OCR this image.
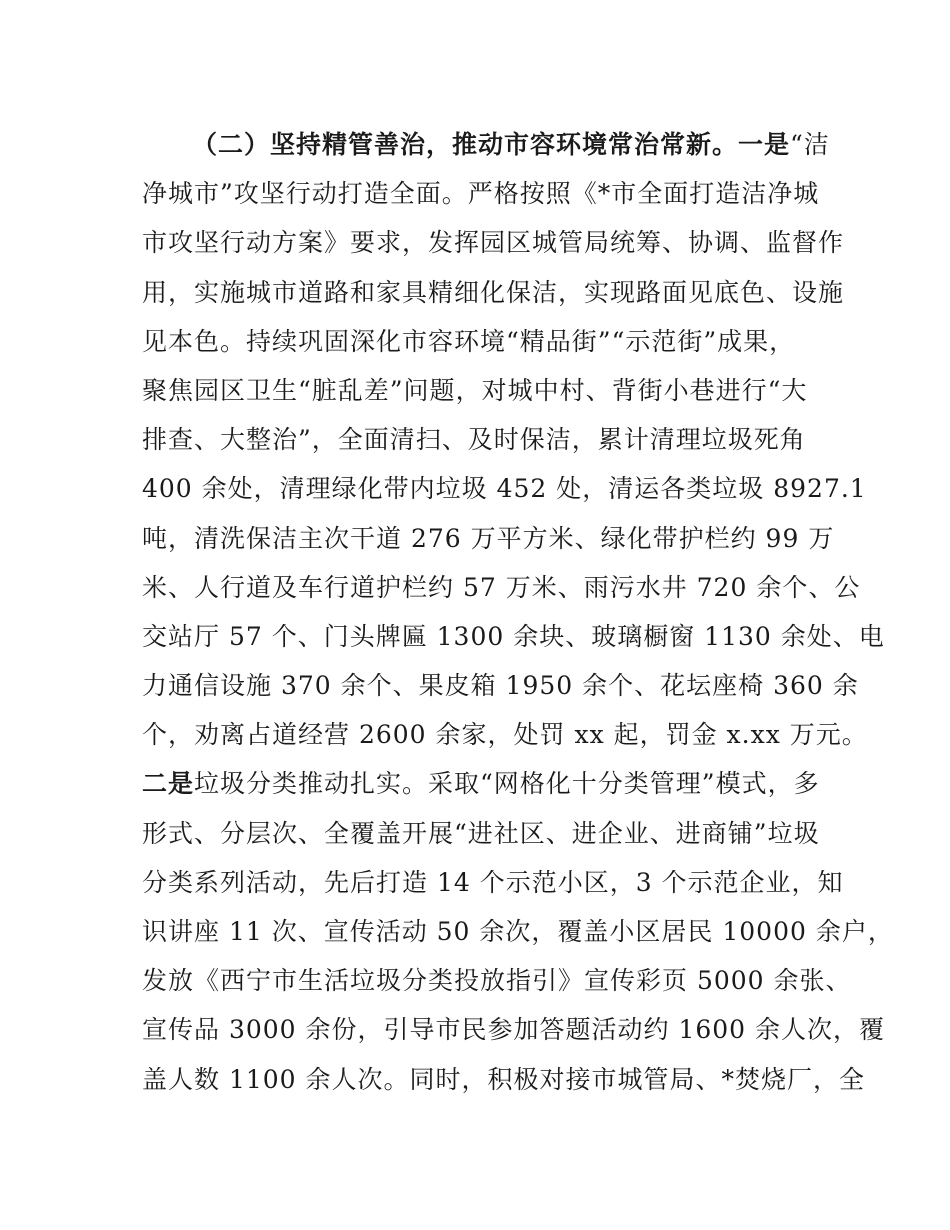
（二）坚持精管善治，推动市容环境常治常新。一是“洁
净城市”攻坚行动打造全面。严格按照《*市全面打造洁净城
市攻坚行动方案》要求，发挥园区城管局统筹、协调、监督作
用，实施城市道路和家具精细化保洁，实现路面见底色、设施
见本色。持续巩固深化市容环境“精品街”“示范街”成果，
聚焦园区卫生“脏乱差”问题，对城中村、背街小巷进行“大
排查、大整治”，全面清扫、及时保洁，累计清理垃圾死角
400 余处，清理绿化带内垃圾 452 处，清运各类垃圾 8927.1
吨，清洗保洁主次干道 276 万平方米、绿化带护栏约 99 万
米、人行道及车行道护栏约 57 万米、雨污水井 720 余个、公
交站厅 57 个、门头牌匾 1300 余块、玻璃橱窗 1130 余处、电
力通信设施 370 余个、果皮箱 1950 余个、花坛座椅 360 余
个，劝离占道经营 2600 余家，处罚 xx 起，罚金 x.xx 万元。
二是垃圾分类推动扎实。采取“网格化十分类管理”模式，多
形式、分层次、全覆盖开展“进社区、进企业、进商铺”垃圾
分类系列活动，先后打造 14 个示范小区，3 个示范企业，知
识讲座 11 次、宣传活动 50 余次，覆盖小区居民 10000 余户，
发放《西宁市生活垃圾分类投放指引》宣传彩页 5000 余张、
宣传品 3000 余份，引导市民参加答题活动约 1600 余人次，覆
盖人数 1100 余人次。同时，积极对接市城管局、*焚烧厂，全
